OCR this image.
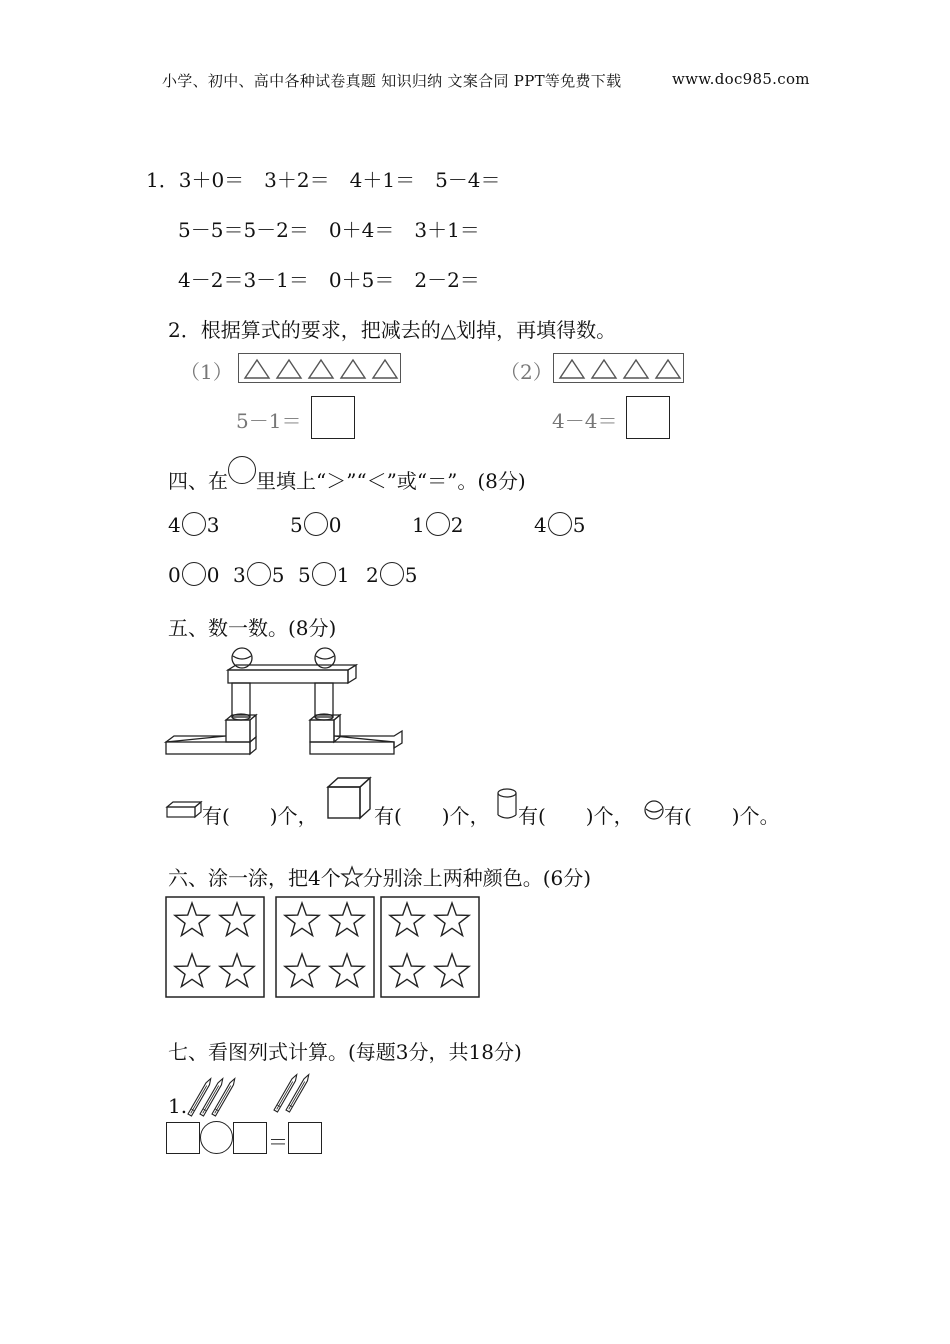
小学、初中、高中各种试卷真题 知识归纳 文案合同 PPT等免费下载	www.doc985.com
1．3＋0＝　3＋2＝　4＋1＝　5－4＝
5－5＝5－2＝　0＋4＝　3＋1＝
4－2＝3－1＝　0＋5＝　2－2＝
2．根据算式的要求，把减去的△划掉，再填得数。
（1）
5－1＝
（2）
4－4＝
四、在 里填上“＞”“＜”或“＝”。(8分)
4 3	5 0	1 2	4 5
0 0 3 5 5 1 2 5
五、数一数。(8分)
有(　　)个，	有(　　)个， 有(　　)个， 有(　　)个。
六、涂一涂，把4个 分别涂上两种颜色。(6分)
七、看图列式计算。(每题3分，共18分)
1.
＝
